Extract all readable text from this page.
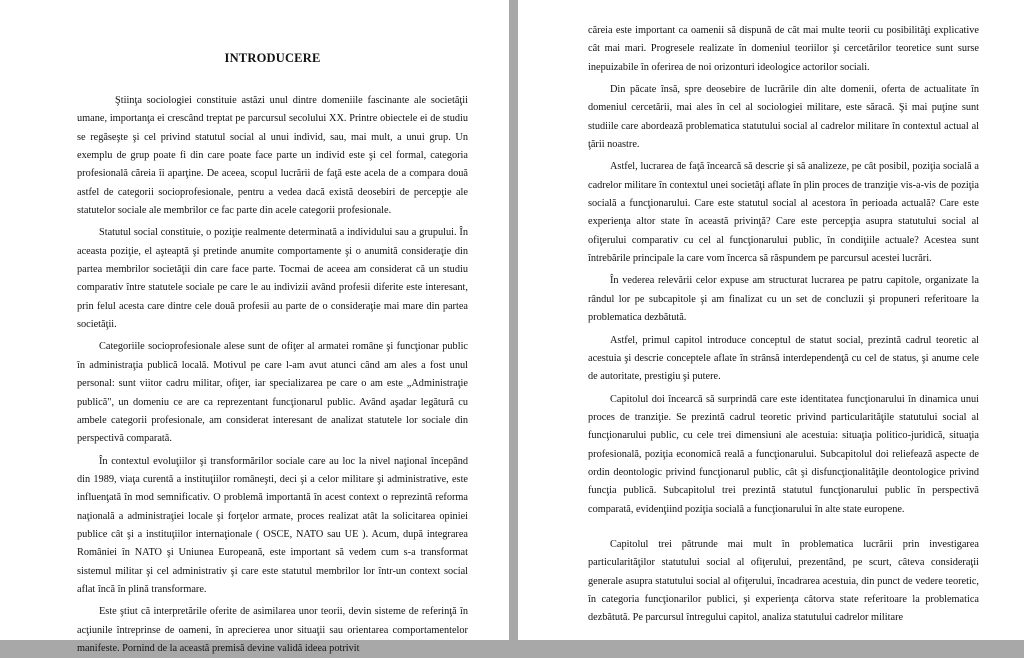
INTRODUCERE

Ştiinţa sociologiei constituie astăzi unul dintre domeniile fascinante ale societăţii umane, importanţa ei crescând treptat pe parcursul secolului XX. Printre obiectele ei de studiu se regăseşte şi cel privind statutul social al unui individ, sau, mai mult, a unui grup. Un exemplu de grup poate fi din care poate face parte un individ este şi cel formal, categoria profesională căreia îi aparţine. De aceea, scopul lucrării de faţă este acela de a compara două astfel de categorii socioprofesionale, pentru a vedea dacă există deosebiri de percepţie ale statutelor sociale ale membrilor ce fac parte din acele categorii profesionale.

Statutul social constituie, o poziţie realmente determinată a individului sau a grupului. În aceasta poziţie, el aşteaptă şi pretinde anumite comportamente şi o anumită consideraţie din partea membrilor societăţii din care face parte. Tocmai de aceea am considerat că un studiu comparativ între statutele sociale pe care le au indivizii având profesii diferite este interesant, prin felul acesta care dintre cele două profesii au parte de o consideraţie mai mare din partea societăţii.

Categoriile socioprofesionale alese sunt de ofiţer al armatei române şi funcţionar public în administraţia publică locală. Motivul pe care l-am avut atunci când am ales a fost unul personal: sunt viitor cadru militar, ofiţer, iar specializarea pe care o am este „Administraţie publică", un domeniu ce are ca reprezentant funcţionarul public. Având aşadar legătură cu ambele categorii profesionale, am considerat interesant de analizat statutele lor sociale din perspectivă comparată.

În contextul evoluţiilor şi transformărilor sociale care au loc la nivel naţional începând din 1989, viaţa curentă a instituţiilor româneşti, deci şi a celor militare şi administrative, este influenţată în mod semnificativ. O problemă importantă în acest context o reprezintă reforma naţională a administraţiei locale şi forţelor armate, proces realizat atât la solicitarea opiniei publice cât şi a instituţiilor internaţionale ( OSCE, NATO sau UE ). Acum, după integrarea României în NATO şi Uniunea Europeană, este important să vedem cum s-a transformat sistemul militar şi cel administrativ şi care este statutul membrilor lor într-un context social aflat încă în plină transformare.

Este ştiut că interpretările oferite de asimilarea unor teorii, devin sisteme de referinţă în acţiunile întreprinse de oameni, în aprecierea unor situaţii sau orientarea comportamentelor manifeste. Pornind de la această premisă devine validă ideea potrivit

căreia este important ca oamenii să dispună de cât mai multe teorii cu posibilităţi explicative cât mai mari. Progresele realizate în domeniul teoriilor şi cercetărilor teoretice sunt surse inepuizabile în oferirea de noi orizonturi ideologice actorilor sociali.

Din păcate însă, spre deosebire de lucrările din alte domenii, oferta de actualitate în domeniul cercetării, mai ales în cel al sociologiei militare, este săracă. Şi mai puţine sunt studiile care abordează problematica statutului social al cadrelor militare în contextul actual al ţării noastre.

Astfel, lucrarea de faţă încearcă să descrie şi să analizeze, pe cât posibil, poziţia socială a cadrelor militare în contextul unei societăţi aflate în plin proces de tranziţie vis-a-vis de poziţia socială a funcţionarului. Care este statutul social al acestora în perioada actuală? Care este experienţa altor state în această privinţă? Care este percepţia asupra statutului social al ofiţerului comparativ cu cel al funcţionarului public, în condiţiile actuale? Acestea sunt întrebările principale la care vom încerca să răspundem pe parcursul acestei lucrări.

În vederea relevării celor expuse am structurat lucrarea pe patru capitole, organizate la rândul lor pe subcapitole şi am finalizat cu un set de concluzii şi propuneri referitoare la problematica dezbătută.

Astfel, primul capitol introduce conceptul de statut social, prezintă cadrul teoretic al acestuia şi descrie conceptele aflate în strânsă interdependenţă cu cel de status, şi anume cele de autoritate, prestigiu şi putere.

Capitolul doi încearcă să surprindă care este identitatea funcţionarului în dinamica unui proces de tranziţie. Se prezintă cadrul teoretic privind particularităţile statutului social al funcţionarului public, cu cele trei dimensiuni ale acestuia: situaţia politico-juridică, situaţia profesională, poziţia economică reală a funcţionarului. Subcapitolul doi reliefează aspecte de ordin deontologic privind funcţionarul public, cât şi disfuncţionalităţile deontologice privind funcţia publică. Subcapitolul trei prezintă statutul funcţionarului public în perspectivă comparată, evidenţiind poziţia socială a funcţionarului în alte state europene.

Capitolul trei pătrunde mai mult în problematica lucrării prin investigarea particularităţilor statutului social al ofiţerului, prezentând, pe scurt, câteva consideraţii generale asupra statutului social al ofiţerului, încadrarea acestuia, din punct de vedere teoretic, în categoria funcţionarilor publici, şi experienţa câtorva state referitoare la problematica dezbătută. Pe parcursul întregului capitol, analiza statutului cadrelor militare
